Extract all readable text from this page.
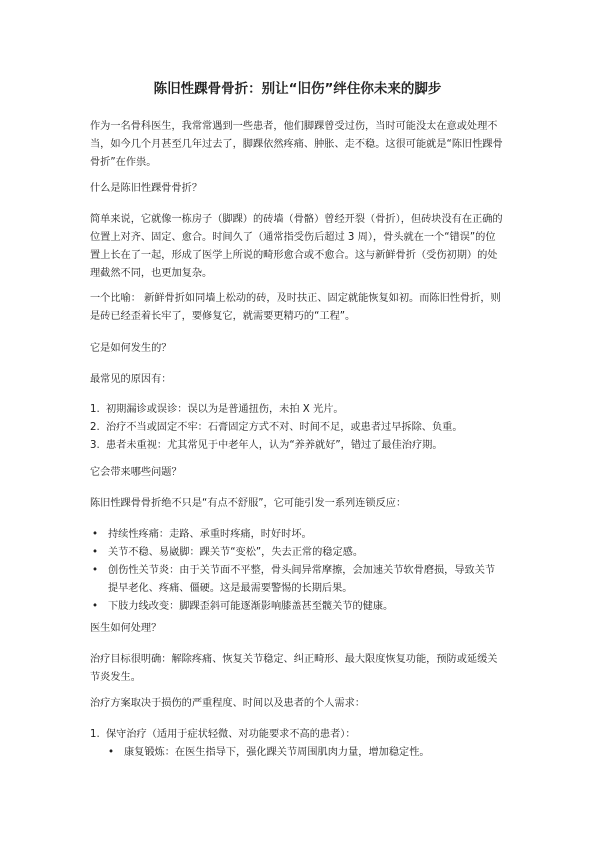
陈旧性踝骨骨折：别让“旧伤”绊住你未来的脚步

作为一名骨科医生，我常常遇到一些患者，他们脚踝曾受过伤，当时可能没太在意或处理不当，如今几个月甚至几年过去了，脚踝依然疼痛、肿胀、走不稳。这很可能就是“陈旧性踝骨骨折”在作祟。

什么是陈旧性踝骨骨折？

简单来说，它就像一栋房子（脚踝）的砖墙（骨骼）曾经开裂（骨折），但砖块没有在正确的位置上对齐、固定、愈合。时间久了（通常指受伤后超过 3 周），骨头就在一个“错误”的位置上长在了一起，形成了医学上所说的畸形愈合或不愈合。这与新鲜骨折（受伤初期）的处理截然不同，也更加复杂。

一个比喻： 新鲜骨折如同墙上松动的砖，及时扶正、固定就能恢复如初。而陈旧性骨折，则是砖已经歪着长牢了，要修复它，就需要更精巧的“工程”。

它是如何发生的？

最常见的原因有：

1. 初期漏诊或误诊：误以为是普通扭伤，未拍 X 光片。
2. 治疗不当或固定不牢：石膏固定方式不对、时间不足，或患者过早拆除、负重。
3. 患者未重视：尤其常见于中老年人，认为“养养就好”，错过了最佳治疗期。

它会带来哪些问题？

陈旧性踝骨骨折绝不只是“有点不舒服”，它可能引发一系列连锁反应：

• 持续性疼痛：走路、承重时疼痛，时好时坏。
• 关节不稳、易崴脚：踝关节“变松”，失去正常的稳定感。
• 创伤性关节炎：由于关节面不平整，骨头间异常摩擦，会加速关节软骨磨损，导致关节提早老化、疼痛、僵硬。这是最需要警惕的长期后果。
• 下肢力线改变：脚踝歪斜可能逐渐影响膝盖甚至髋关节的健康。

医生如何处理？

治疗目标很明确：解除疼痛、恢复关节稳定、纠正畸形、最大限度恢复功能，预防或延缓关节炎发生。

治疗方案取决于损伤的严重程度、时间以及患者的个人需求：

1. 保守治疗（适用于症状轻微、对功能要求不高的患者）：
• 康复锻炼：在医生指导下，强化踝关节周围肌肉力量，增加稳定性。
